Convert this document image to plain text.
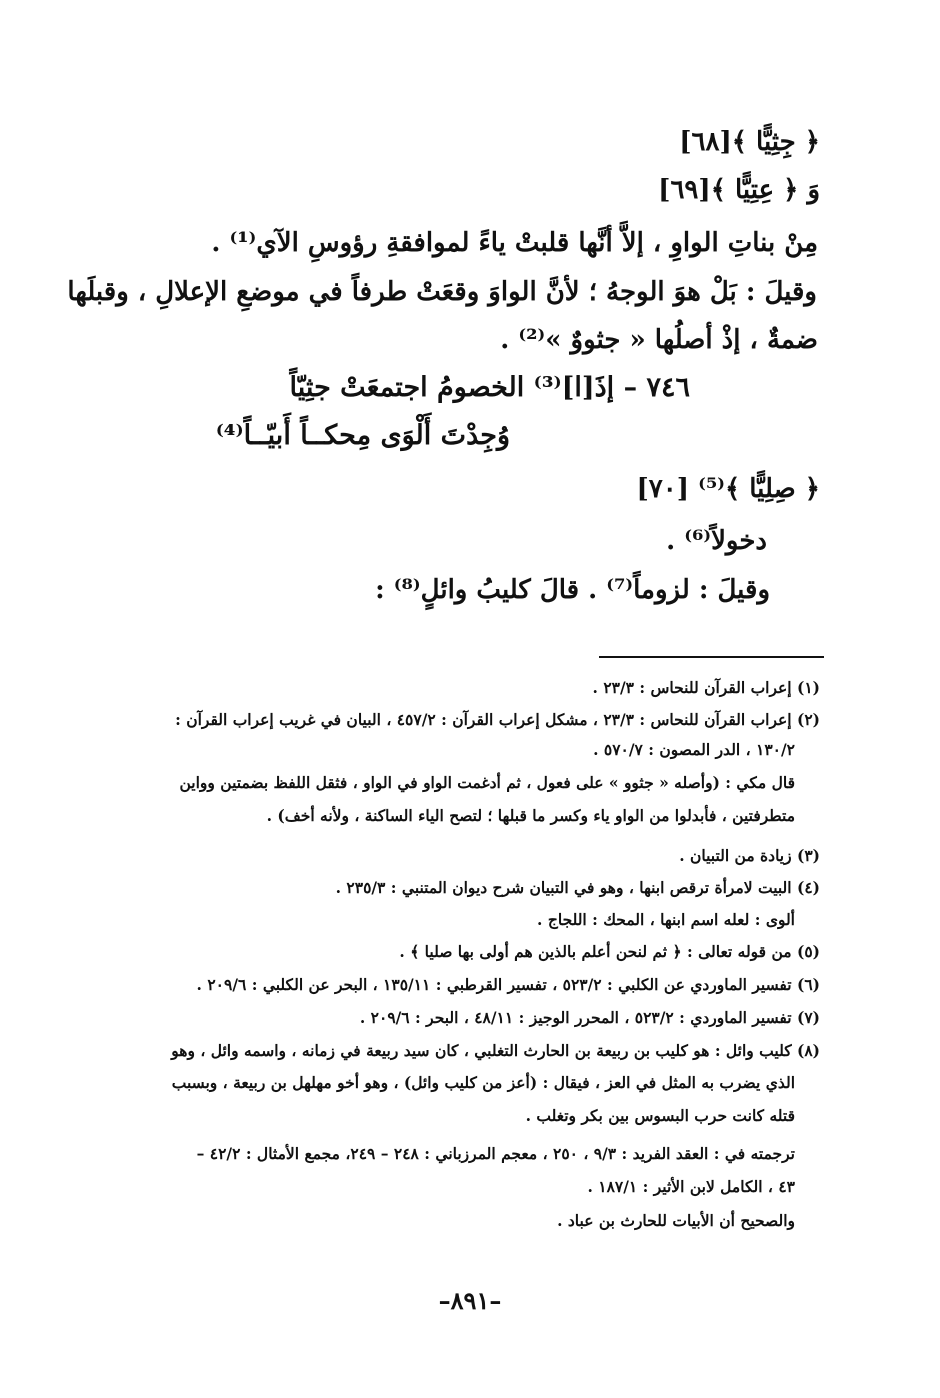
﴿ جِثِيًّا ﴾[٦٨]
وَ ﴿ عِتِيًّا ﴾[٦٩]
مِنْ بناتِ الواوِ ، إلاَّ أنَّها قلبتْ ياءً لموافقةِ رؤوسِ الآي⁽¹⁾ .
وقيلَ : بَلْ هوَ الوجهُ ؛ لأنَّ الواوَ وقعَتْ طرفاً في موضعِ الإعلالِ ، وقبلَها
ضمةٌ ، إذْ أصلُها « جثووٌ »⁽²⁾ .
٧٤٦ – إذَ[ا]⁽³⁾ الخصومُ اجتمعَتْ جثِيّاً
وُجِدْتَ أَلْوَى مِحكــاً أَبيّــاً⁽⁴⁾
﴿ صِلِيًّا ﴾⁽⁵⁾ [٧٠]
دخولاً⁽⁶⁾ .
وقيلَ : لزوماً⁽⁷⁾ . قالَ كليبُ وائلٍ⁽⁸⁾ :
(١) إعراب القرآن للنحاس : ٢٣/٣ .
(٢) إعراب القرآن للنحاس : ٢٣/٣ ، مشكل إعراب القرآن : ٤٥٧/٢ ، البيان في غريب إعراب القرآن :
١٣٠/٢ ، الدر المصون : ٥٧٠/٧ .
قال مكي : (وأصله « جثوو » على فعول ، ثم أدغمت الواو في الواو ، فثقل اللفظ بضمتين وواين
متطرفتين ، فأبدلوا من الواو ياء وكسر ما قبلها ؛ لتصح الياء الساكنة ، ولأنه أخف) .
(٣) زيادة من التبيان .
(٤) البيت لامرأة ترقص ابنها ، وهو في التبيان شرح ديوان المتنبي : ٢٣٥/٣ .
ألوى : لعله اسم ابنها ، المحك : اللجاج .
(٥) من قوله تعالى : ﴿ ثم لنحن أعلم بالذين هم أولى بها صليا ﴾ .
(٦) تفسير الماوردي عن الكلبي : ٥٢٣/٢ ، تفسير القرطبي : ١٣٥/١١ ، البحر عن الكلبي : ٢٠٩/٦ .
(٧) تفسير الماوردي : ٥٢٣/٢ ، المحرر الوجيز : ٤٨/١١ ، البحر : ٢٠٩/٦ .
(٨) كليب وائل : هو كليب بن ربيعة بن الحارث التغلبي ، كان سيد ربيعة في زمانه ، واسمه وائل ، وهو
الذي يضرب به المثل في العز ، فيقال : (أعز من كليب وائل) ، وهو أخو مهلهل بن ربيعة ، وبسبب
قتله كانت حرب البسوس بين بكر وتغلب .
ترجمته في : العقد الفريد : ٩/٣ ، ٢٥٠ ، معجم المرزباني : ٢٤٨ – ٢٤٩، مجمع الأمثال : ٤٢/٢ –
٤٣ ، الكامل لابن الأثير : ١٨٧/١ .
والصحيح أن الأبيات للحارث بن عباد .
–٨٩١–
